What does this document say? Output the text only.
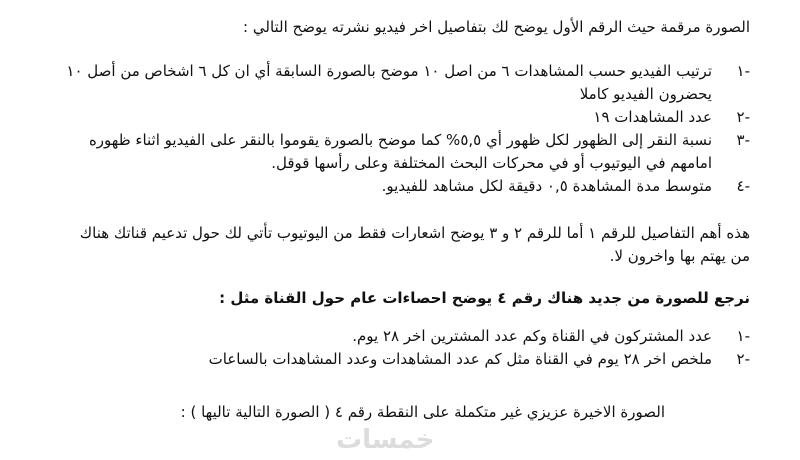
الصورة مرقمة حيث الرقم الأول يوضح لك بتفاصيل اخر فيديو نشرته يوضح التالي :
-١
ترتيب الفيديو حسب المشاهدات ٦ من اصل ١٠ موضح بالصورة السابقة أي ان كل ٦ اشخاص من أصل ١٠ يحضرون الفيديو كاملا
-٢
عدد المشاهدات ١٩
-٣
نسبة النقر إلى الظهور لكل ظهور أي ٥,٥% كما موضح بالصورة يقوموا بالنقر على الفيديو اثناء ظهوره امامهم في اليوتيوب أو في محركات البحث المختلفة وعلى رأسها قوقل.
-٤
متوسط مدة المشاهدة ٠,٥ دقيقة لكل مشاهد للفيديو.
هذه أهم التفاصيل للرقم ١ أما للرقم ٢ و ٣ يوضح اشعارات فقط من اليوتيوب تأتي لك حول تدعيم قناتك هناك من يهتم بها واخرون لا.
نرجع للصورة من جديد هناك رقم ٤ يوضح احصاءات عام حول القناة مثل :
-١
عدد المشتركون في القناة وكم عدد المشترين اخر ٢٨ يوم.
-٢
ملخص اخر ٢٨ يوم في القناة مثل كم عدد المشاهدات وعدد المشاهدات بالساعات
الصورة الاخيرة عزيزي غير متكملة على النقطة رقم ٤ ( الصورة التالية تاليها ) :
خمسات
